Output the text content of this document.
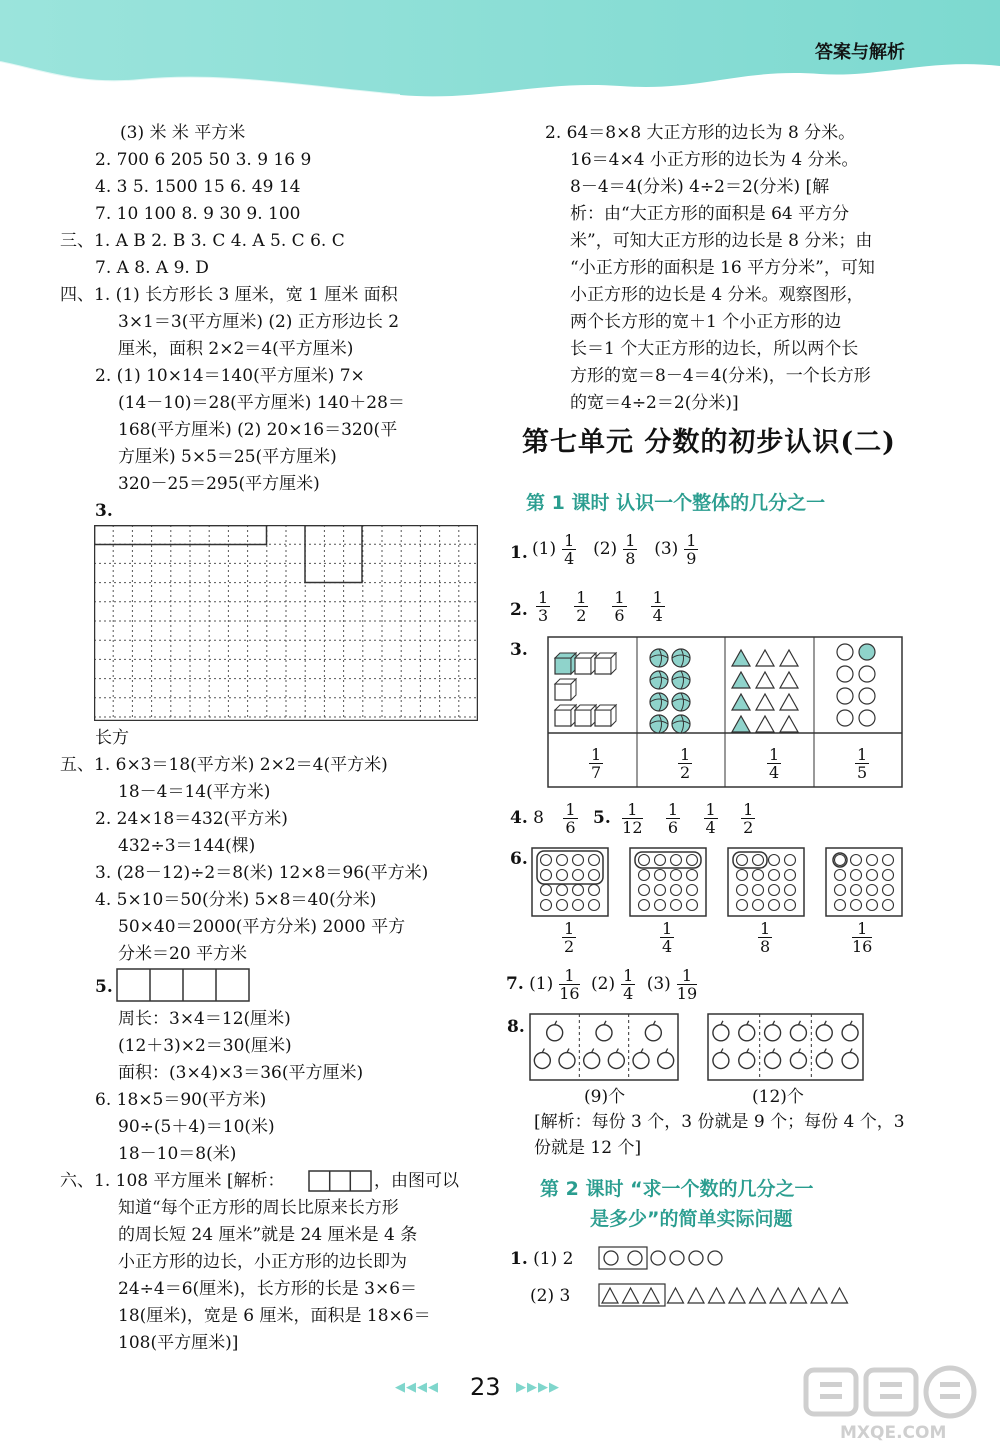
答案与解析
(3) 米 米 平方米
2. 700 6 205 50 3. 9 16 9
4. 3 5. 1500 15 6. 49 14
7. 10 100 8. 9 30 9. 100
三、1. A B 2. B 3. C 4. A 5. C 6. C
7. A 8. A 9. D
四、1. (1) 长方形长 3 厘米，宽 1 厘米 面积
3×1＝3(平方厘米) (2) 正方形边长 2
厘米，面积 2×2＝4(平方厘米)
2. (1) 10×14＝140(平方厘米) 7×
(14－10)＝28(平方厘米) 140＋28＝
168(平方厘米) (2) 20×16＝320(平
方厘米) 5×5＝25(平方厘米)
320－25＝295(平方厘米)
3.
长方
五、1. 6×3＝18(平方米) 2×2＝4(平方米)
18－4＝14(平方米)
2. 24×18＝432(平方米)
432÷3＝144(棵)
3. (28－12)÷2＝8(米) 12×8＝96(平方米)
4. 5×10＝50(分米) 5×8＝40(分米)
50×40＝2000(平方分米) 2000 平方
分米＝20 平方米
5.
周长：3×4＝12(厘米)
(12＋3)×2＝30(厘米)
面积：(3×4)×3＝36(平方厘米)
6. 18×5＝90(平方米)
90÷(5＋4)＝10(米)
18－10＝8(米)
六、1. 108 平方厘米 [解析：	，由图可以
知道“每个正方形的周长比原来长方形
的周长短 24 厘米”就是 24 厘米是 4 条
小正方形的边长，小正方形的边长即为
24÷4＝6(厘米)，长方形的长是 3×6＝
18(厘米)，宽是 6 厘米，面积是 18×6＝
108(平方厘米)]
2. 64＝8×8 大正方形的边长为 8 分米。
16＝4×4 小正方形的边长为 4 分米。
8－4＝4(分米) 4÷2＝2(分米) [解
析：由“大正方形的面积是 64 平方分
米”，可知大正方形的边长是 8 分米；由
“小正方形的面积是 16 平方分米”，可知
小正方形的边长是 4 分米。观察图形，
两个长方形的宽＋1 个小正方形的边
长＝1 个大正方形的边长，所以两个长
方形的宽＝8－4＝4(分米)，一个长方形
的宽＝4÷2＝2(分米)]
第七单元 分数的初步认识(二)
第 1 课时 认识一个整体的几分之一
1. $(1) \frac{1}{4} (2) \frac{1}{8} (3) \frac{1}{9}$
2. $\frac{1}{3} \frac{1}{2} \frac{1}{6} \frac{1}{4}$
3.
$\frac{1}{7}$	$\frac{1}{2}$	$\frac{1}{4}$	$\frac{1}{5}$
4. $8 \frac{1}{6} 5$. $\frac{1}{12}$
$\frac{1}{6}$
$\frac{1}{4}$
$\frac{1}{2}$
6.
$\frac{1}{2}$	$\frac{1}{4}$	$\frac{1}{8}$	$\frac{1}{16}$
7. $(1) \frac{1}{16} (2) \frac{1}{4} (3) \frac{1}{19}$
8.
(9)个	(12)个
[解析：每份 3 个，3 份就是 9 个；每份 4 个，3
份就是 12 个]
第 2 课时 “求一个数的几分之一
是多少”的简单实际问题
1. (1) 2
(2) 3
◀◀◀◀ 23 ▶▶▶▶
MXQE.COM
